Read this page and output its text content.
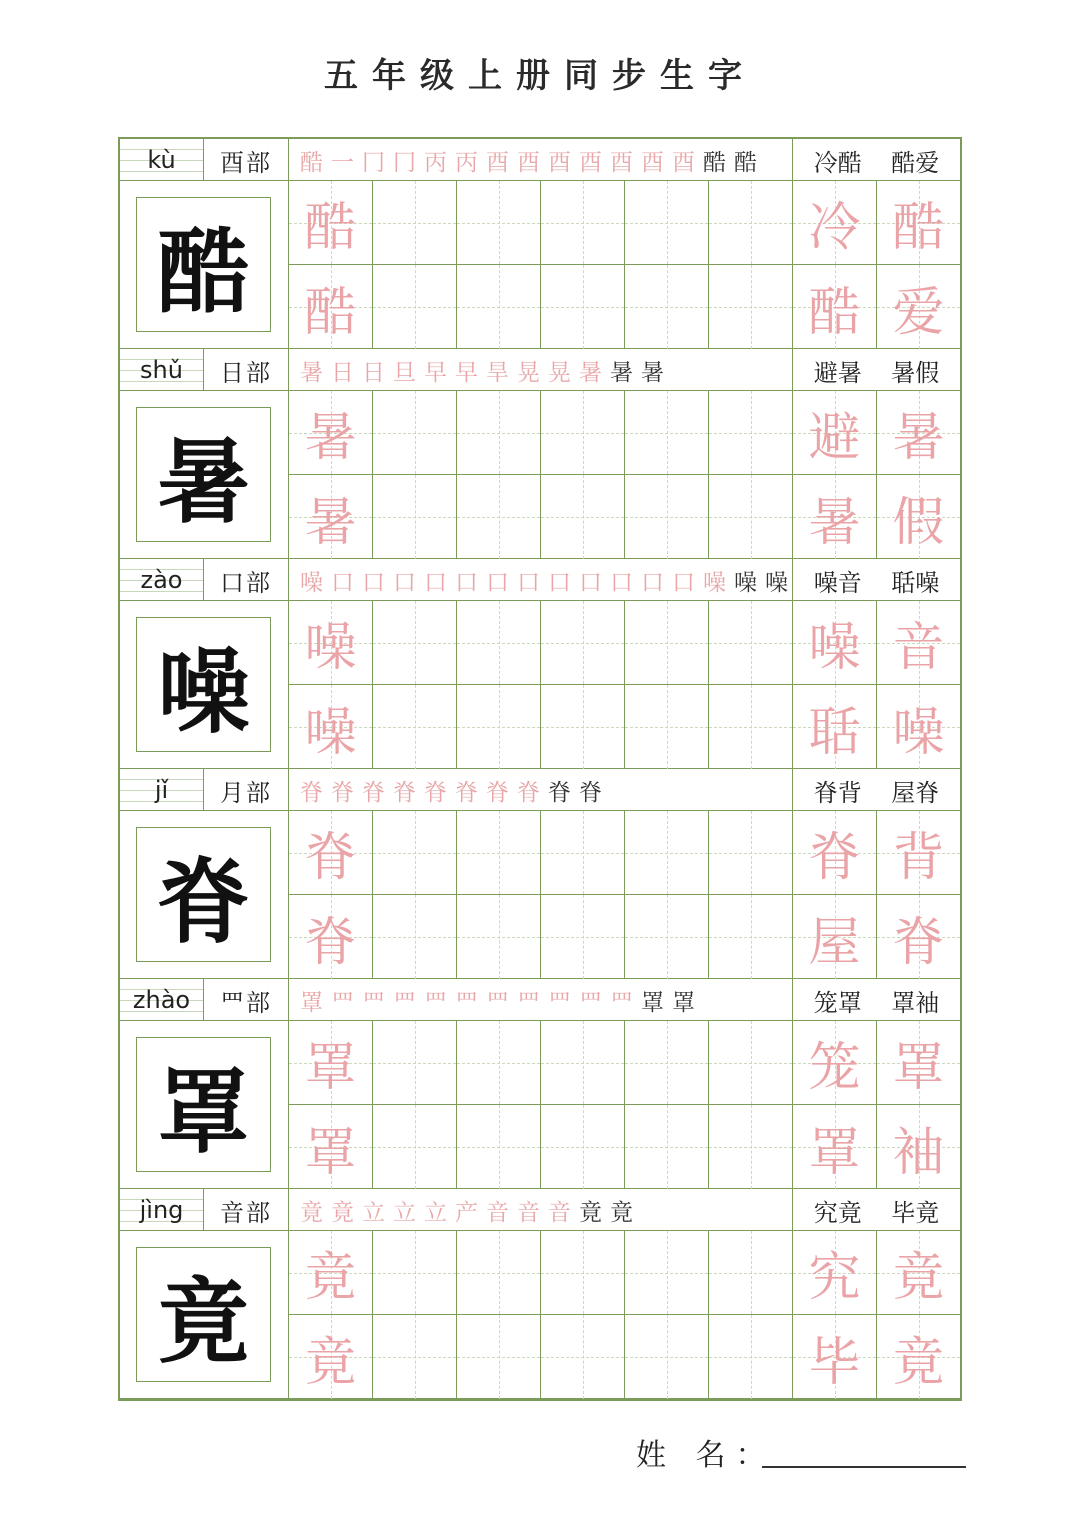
五年级上册同步生字
kù	酉部	酷 一 冂 冂 丙 丙 酉 酉 酉 酉 酉 酉 酉 酷 酷 冷酷 酷爱
酷	酷	冷 酷
酷	酷 爱
shǔ	日部	暑 日 日 旦 早 早 旱 晃 晃 暑 暑 暑	避暑 暑假
暑	暑	避 暑
暑	暑 假
zào	口部	噪 口 口 口 口 口 口 口 口 口 口 口 口 噪 噪 噪 噪音 聒噪
噪	噪	噪 音
噪	聒 噪
jǐ	月部	脊 脊 脊 脊 脊 脊 脊 脊 脊 脊	脊背 屋脊
脊	脊	脊 背
脊	屋 脊
zhào	罒部	罩 罒 罒 罒 罒 罒 罒 罒 罒 罒 罒 罩 罩	笼罩 罩袖
罩	罩	笼 罩
罩	罩 袖
jìng	音部	竟 竟 立 立 立 产 音 音 音 竟 竟	究竟 毕竟
竟	竟	究 竟
竟	毕 竟
姓 名：
